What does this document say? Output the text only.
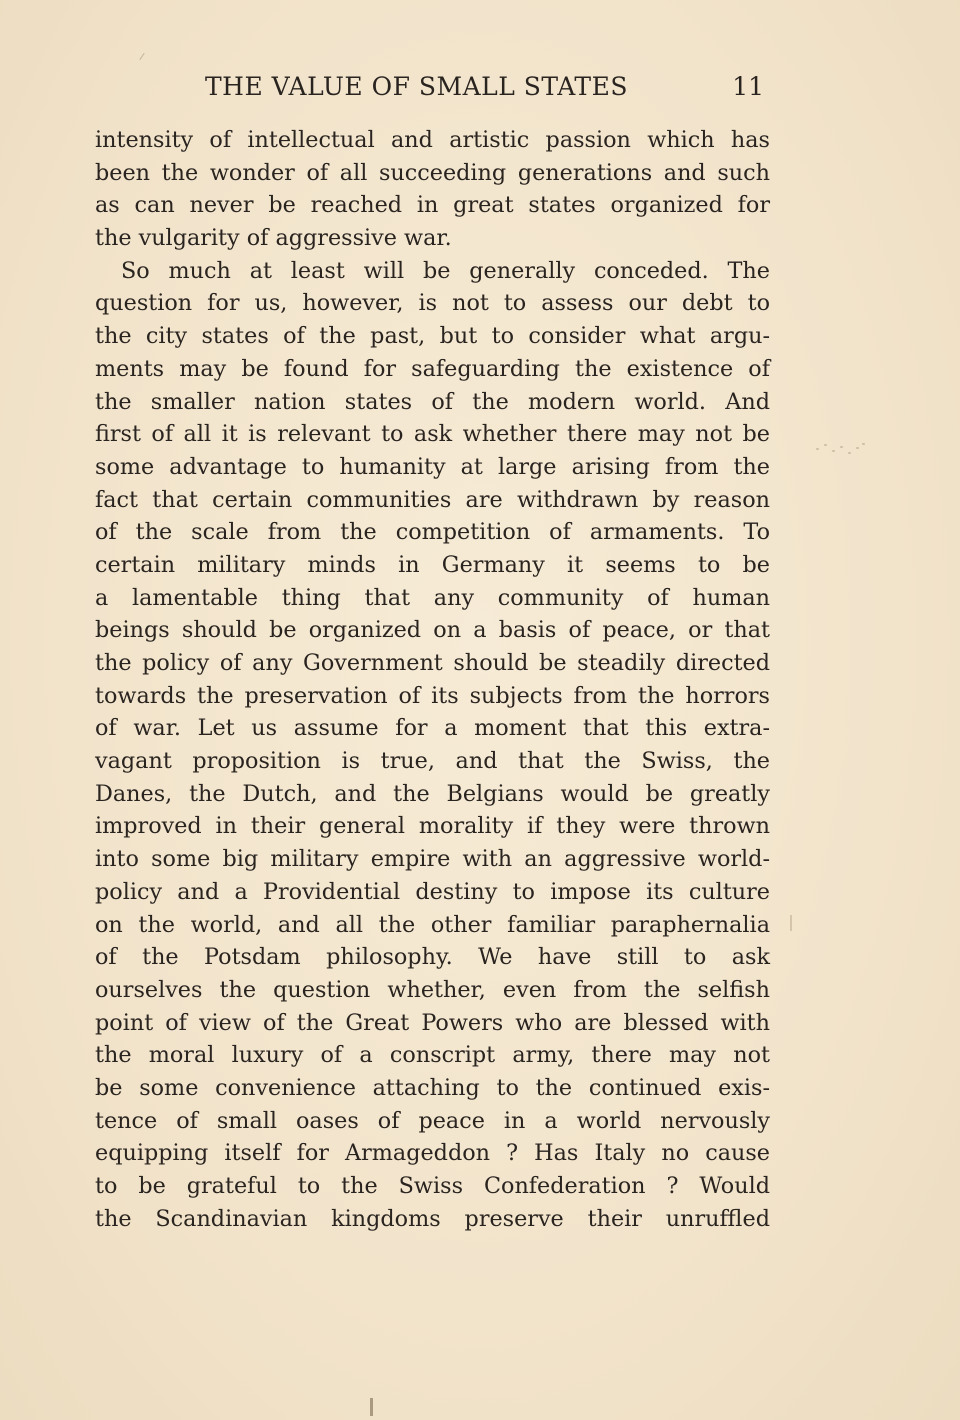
THE VALUE OF SMALL STATES	11
intensity of intellectual and artistic passion which has
been the wonder of all succeeding generations and such
as can never be reached in great states organized for
the vulgarity of aggressive war.
So much at least will be generally conceded. The
question for us, however, is not to assess our debt to
the city states of the past, but to consider what argu-
ments may be found for safeguarding the existence of
the smaller nation states of the modern world. And
first of all it is relevant to ask whether there may not be
some advantage to humanity at large arising from the
fact that certain communities are withdrawn by reason
of the scale from the competition of armaments. To
certain military minds in Germany it seems to be
a lamentable thing that any community of human
beings should be organized on a basis of peace, or that
the policy of any Government should be steadily directed
towards the preservation of its subjects from the horrors
of war. Let us assume for a moment that this extra-
vagant proposition is true, and that the Swiss, the
Danes, the Dutch, and the Belgians would be greatly
improved in their general morality if they were thrown
into some big military empire with an aggressive world-
policy and a Providential destiny to impose its culture
on the world, and all the other familiar paraphernalia
of the Potsdam philosophy. We have still to ask
ourselves the question whether, even from the selfish
point of view of the Great Powers who are blessed with
the moral luxury of a conscript army, there may not
be some convenience attaching to the continued exis-
tence of small oases of peace in a world nervously
equipping itself for Armageddon ? Has Italy no cause
to be grateful to the Swiss Confederation ? Would
the Scandinavian kingdoms preserve their unruffled
